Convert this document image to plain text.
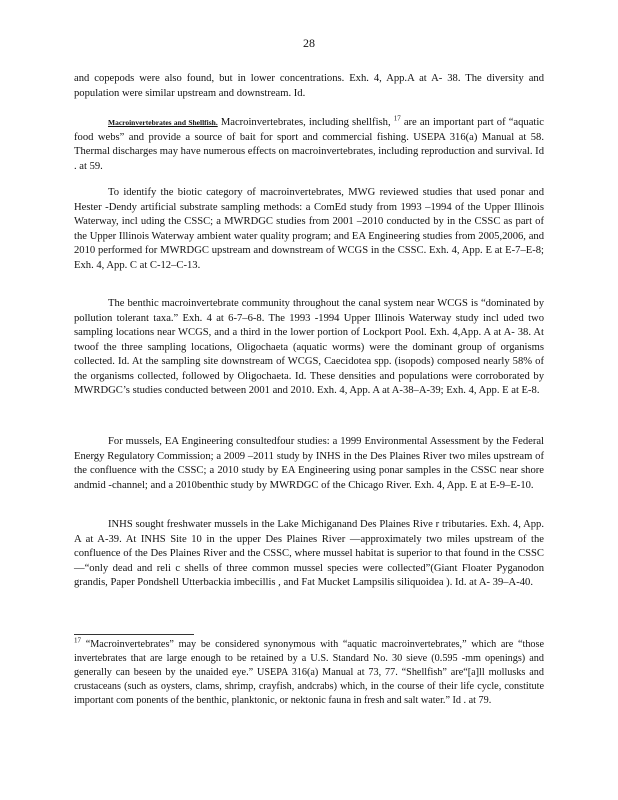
28

and copepods were also found, but in lower concentrations. Exh. 4, App.A at A- 38. The diversity and population were similar upstream and downstream. Id.

Macroinvertebrates and Shellfish. Macroinvertebrates, including shellfish, $^{17}$ are an important part of “aquatic food webs” and provide a source of bait for sport and commercial fishing. USEPA 316(a) Manual at 58. Thermal discharges may have numerous effects on macroinvertebrates, including reproduction and survival. Id . at 59.

To identify the biotic category of macroinvertebrates, MWG reviewed studies that used ponar and Hester -Dendy artificial substrate sampling methods: a ComEd study from 1993 –1994 of the Upper Illinois Waterway, incl uding the CSSC; a MWRDGC studies from 2001 –2010 conducted by in the CSSC as part of the Upper Illinois Waterway ambient water quality program; and EA Engineering studies from 2005,2006, and 2010 performed for MWRDGC upstream and downstream of WCGS in the CSSC. Exh. 4, App. E at E-7–E-8; Exh. 4, App. C at C-12–C-13.

The benthic macroinvertebrate community throughout the canal system near WCGS is “dominated by pollution tolerant taxa.” Exh. 4 at 6-7–6-8. The 1993 -1994 Upper Illinois Waterway study incl uded two sampling locations near WCGS, and a third in the lower portion of Lockport Pool. Exh. 4,App. A at A- 38. At twoof the three sampling locations, Oligochaeta (aquatic worms) were the dominant group of organisms collected. Id. At the sampling site downstream of WCGS, Caecidotea spp. (isopods) composed nearly 58% of the organisms collected, followed by Oligochaeta. Id. These densities and populations were corroborated by MWRDGC’s studies conducted between 2001 and 2010. Exh. 4, App. A at A-38–A-39; Exh. 4, App. E at E-8.

For mussels, EA Engineering consultedfour studies: a 1999 Environmental Assessment by the Federal Energy Regulatory Commission; a 2009 –2011 study by INHS in the Des Plaines River two miles upstream of the confluence with the CSSC; a 2010 study by EA Engineering using ponar samples in the CSSC near shore andmid -channel; and a 2010benthic study by MWRDGC of the Chicago River. Exh. 4, App. E at E-9–E-10.

INHS sought freshwater mussels in the Lake Michiganand Des Plaines Rive r tributaries. Exh. 4, App. A at A-39. At INHS Site 10 in the upper Des Plaines River —approximately two miles upstream of the confluence of the Des Plaines River and the CSSC, where mussel habitat is superior to that found in the CSSC —“only dead and reli c shells of three common mussel species were collected”(Giant Floater Pyganodon grandis, Paper Pondshell Utterbackia imbecillis , and Fat Mucket Lampsilis siliquoidea ). Id. at A- 39–A-40.

$^{17}$ “Macroinvertebrates” may be considered synonymous with “aquatic macroinvertebrates,” which are “those invertebrates that are large enough to be retained by a U.S. Standard No. 30 sieve (0.595 -mm openings) and generally can beseen by the unaided eye.” USEPA 316(a) Manual at 73, 77. “Shellfish” are“[a]ll mollusks and crustaceans (such as oysters, clams, shrimp, crayfish, andcrabs) which, in the course of their life cycle, constitute important com ponents of the benthic, planktonic, or nektonic fauna in fresh and salt water.” Id . at 79.
